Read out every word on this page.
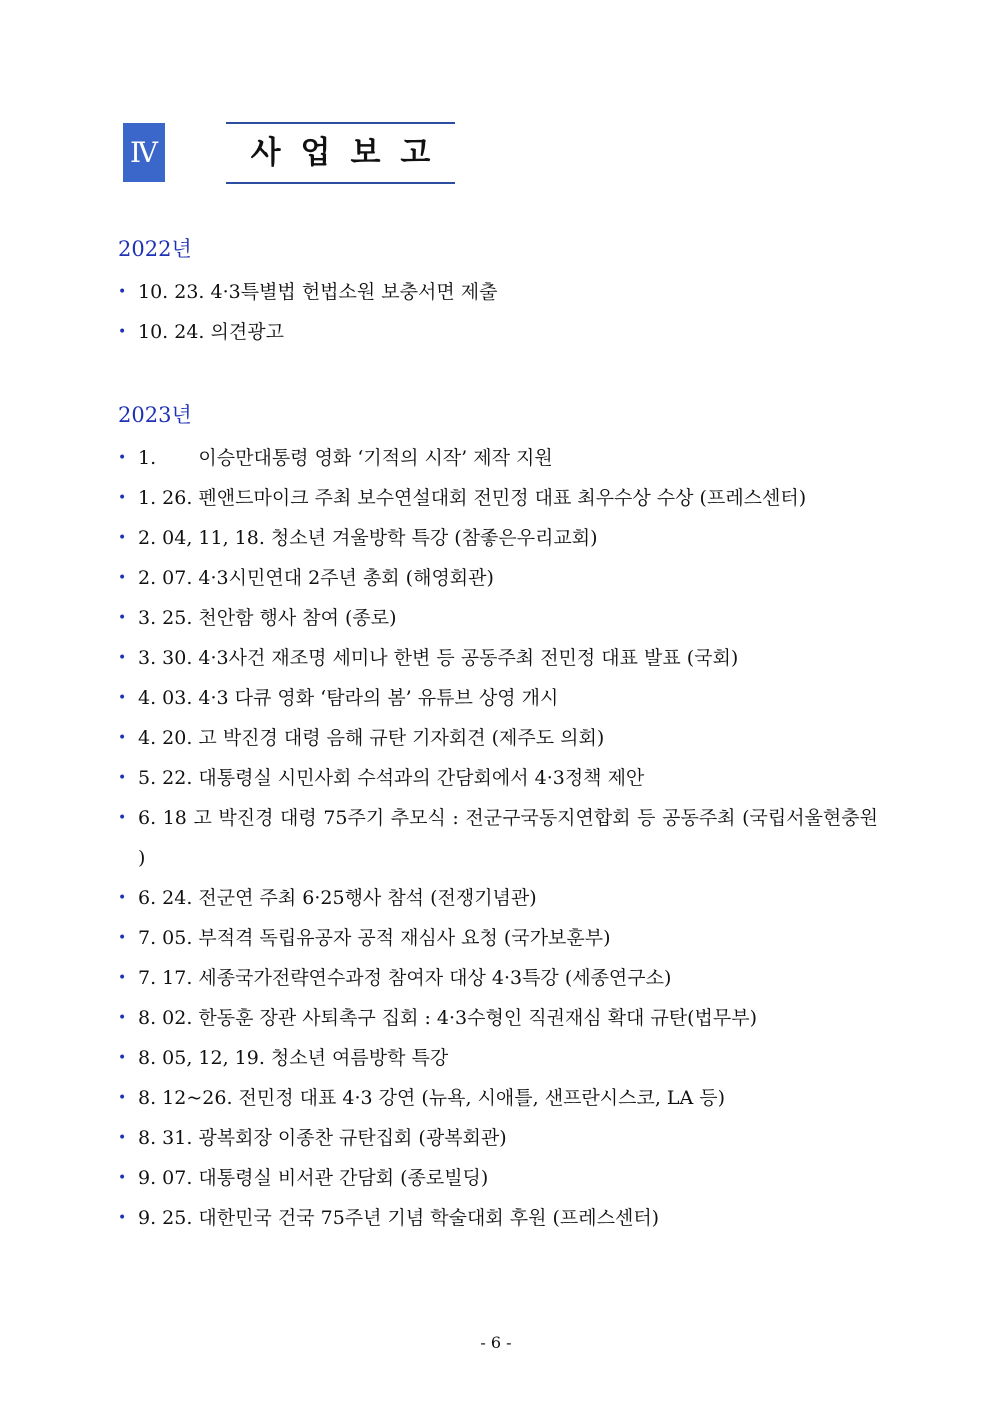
Ⅳ	사업보고
2022년
• 10. 23. 4·3특별법 헌법소원 보충서면 제출
• 10. 24. 의견광고
2023년
• 1.       이승만대통령 영화 ‘기적의 시작’ 제작 지원
• 1. 26. 펜앤드마이크 주최 보수연설대회 전민정 대표 최우수상 수상 (프레스센터)
• 2. 04, 11, 18. 청소년 겨울방학 특강 (참좋은우리교회)
• 2. 07. 4·3시민연대 2주년 총회 (해영회관)
• 3. 25. 천안함 행사 참여 (종로)
• 3. 30. 4·3사건 재조명 세미나 한변 등 공동주최 전민정 대표 발표 (국회)
• 4. 03. 4·3 다큐 영화 ‘탐라의 봄’ 유튜브 상영 개시
• 4. 20. 고 박진경 대령 음해 규탄 기자회견 (제주도 의회)
• 5. 22. 대통령실 시민사회 수석과의 간담회에서 4·3정책 제안
• 6. 18 고 박진경 대령 75주기 추모식 : 전군구국동지연합회 등 공동주최 (국립서울현충원 )
• 6. 24. 전군연 주최 6·25행사 참석 (전쟁기념관)
• 7. 05. 부적격 독립유공자 공적 재심사 요청 (국가보훈부)
• 7. 17. 세종국가전략연수과정 참여자 대상 4·3특강 (세종연구소)
• 8. 02. 한동훈 장관 사퇴촉구 집회 : 4·3수형인 직권재심 확대 규탄(법무부)
• 8. 05, 12, 19. 청소년 여름방학 특강
• 8. 12~26. 전민정 대표 4·3 강연 (뉴욕, 시애틀, 샌프란시스코, LA 등)
• 8. 31. 광복회장 이종찬 규탄집회 (광복회관)
• 9. 07. 대통령실 비서관 간담회 (종로빌딩)
• 9. 25. 대한민국 건국 75주년 기념 학술대회 후원 (프레스센터)
- 6 -
